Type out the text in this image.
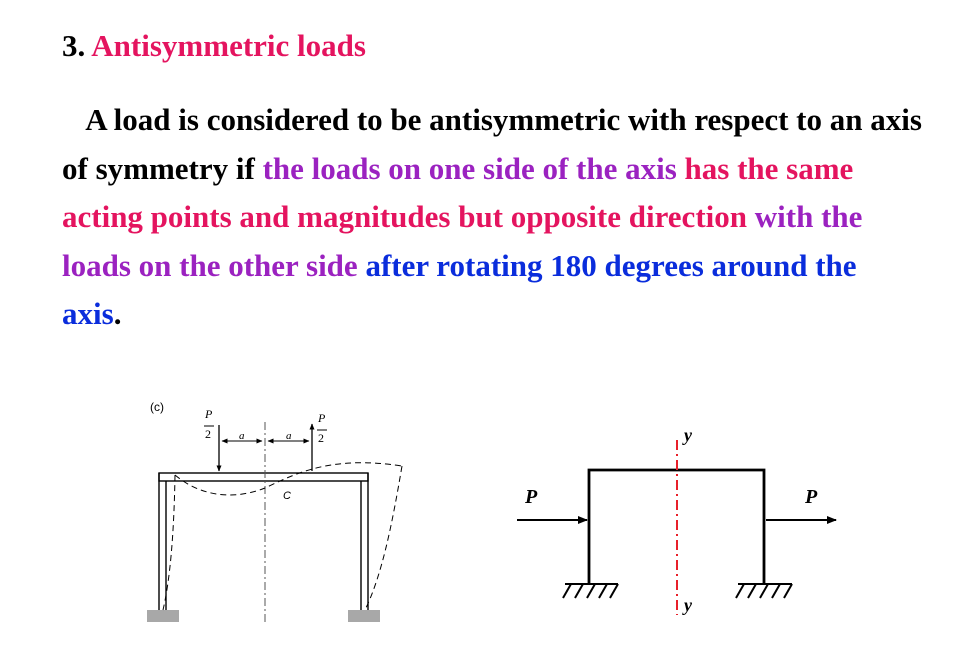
3. Antisymmetric loads
A load is considered to be antisymmetric with respect to an axis of symmetry if the loads on one side of the axis has the same acting points and magnitudes but opposite direction with the loads on the other side after rotating 180 degrees around the axis.
(c)	P
2
P
2
a	a
C
y
y
P	P
